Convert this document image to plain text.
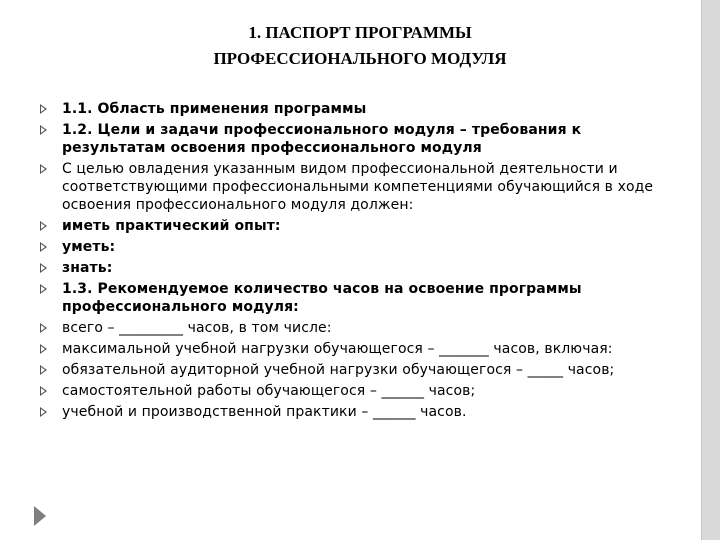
1. ПАСПОРТ ПРОГРАММЫ
ПРОФЕССИОНАЛЬНОГО МОДУЛЯ
1.1. Область применения программы
1.2. Цели и задачи профессионального модуля – требования к результатам освоения профессионального модуля
С целью овладения указанным видом профессиональной деятельности и соответствующими профессиональными компетенциями обучающийся в ходе освоения профессионального модуля должен:
иметь практический опыт:
уметь:
знать:
1.3. Рекомендуемое количество часов на освоение программы профессионального модуля:
всего – _________ часов, в том числе:
максимальной учебной нагрузки обучающегося – _______ часов, включая:
обязательной аудиторной учебной нагрузки обучающегося – _____ часов;
самостоятельной работы обучающегося – ______ часов;
учебной и производственной практики – ______ часов.
